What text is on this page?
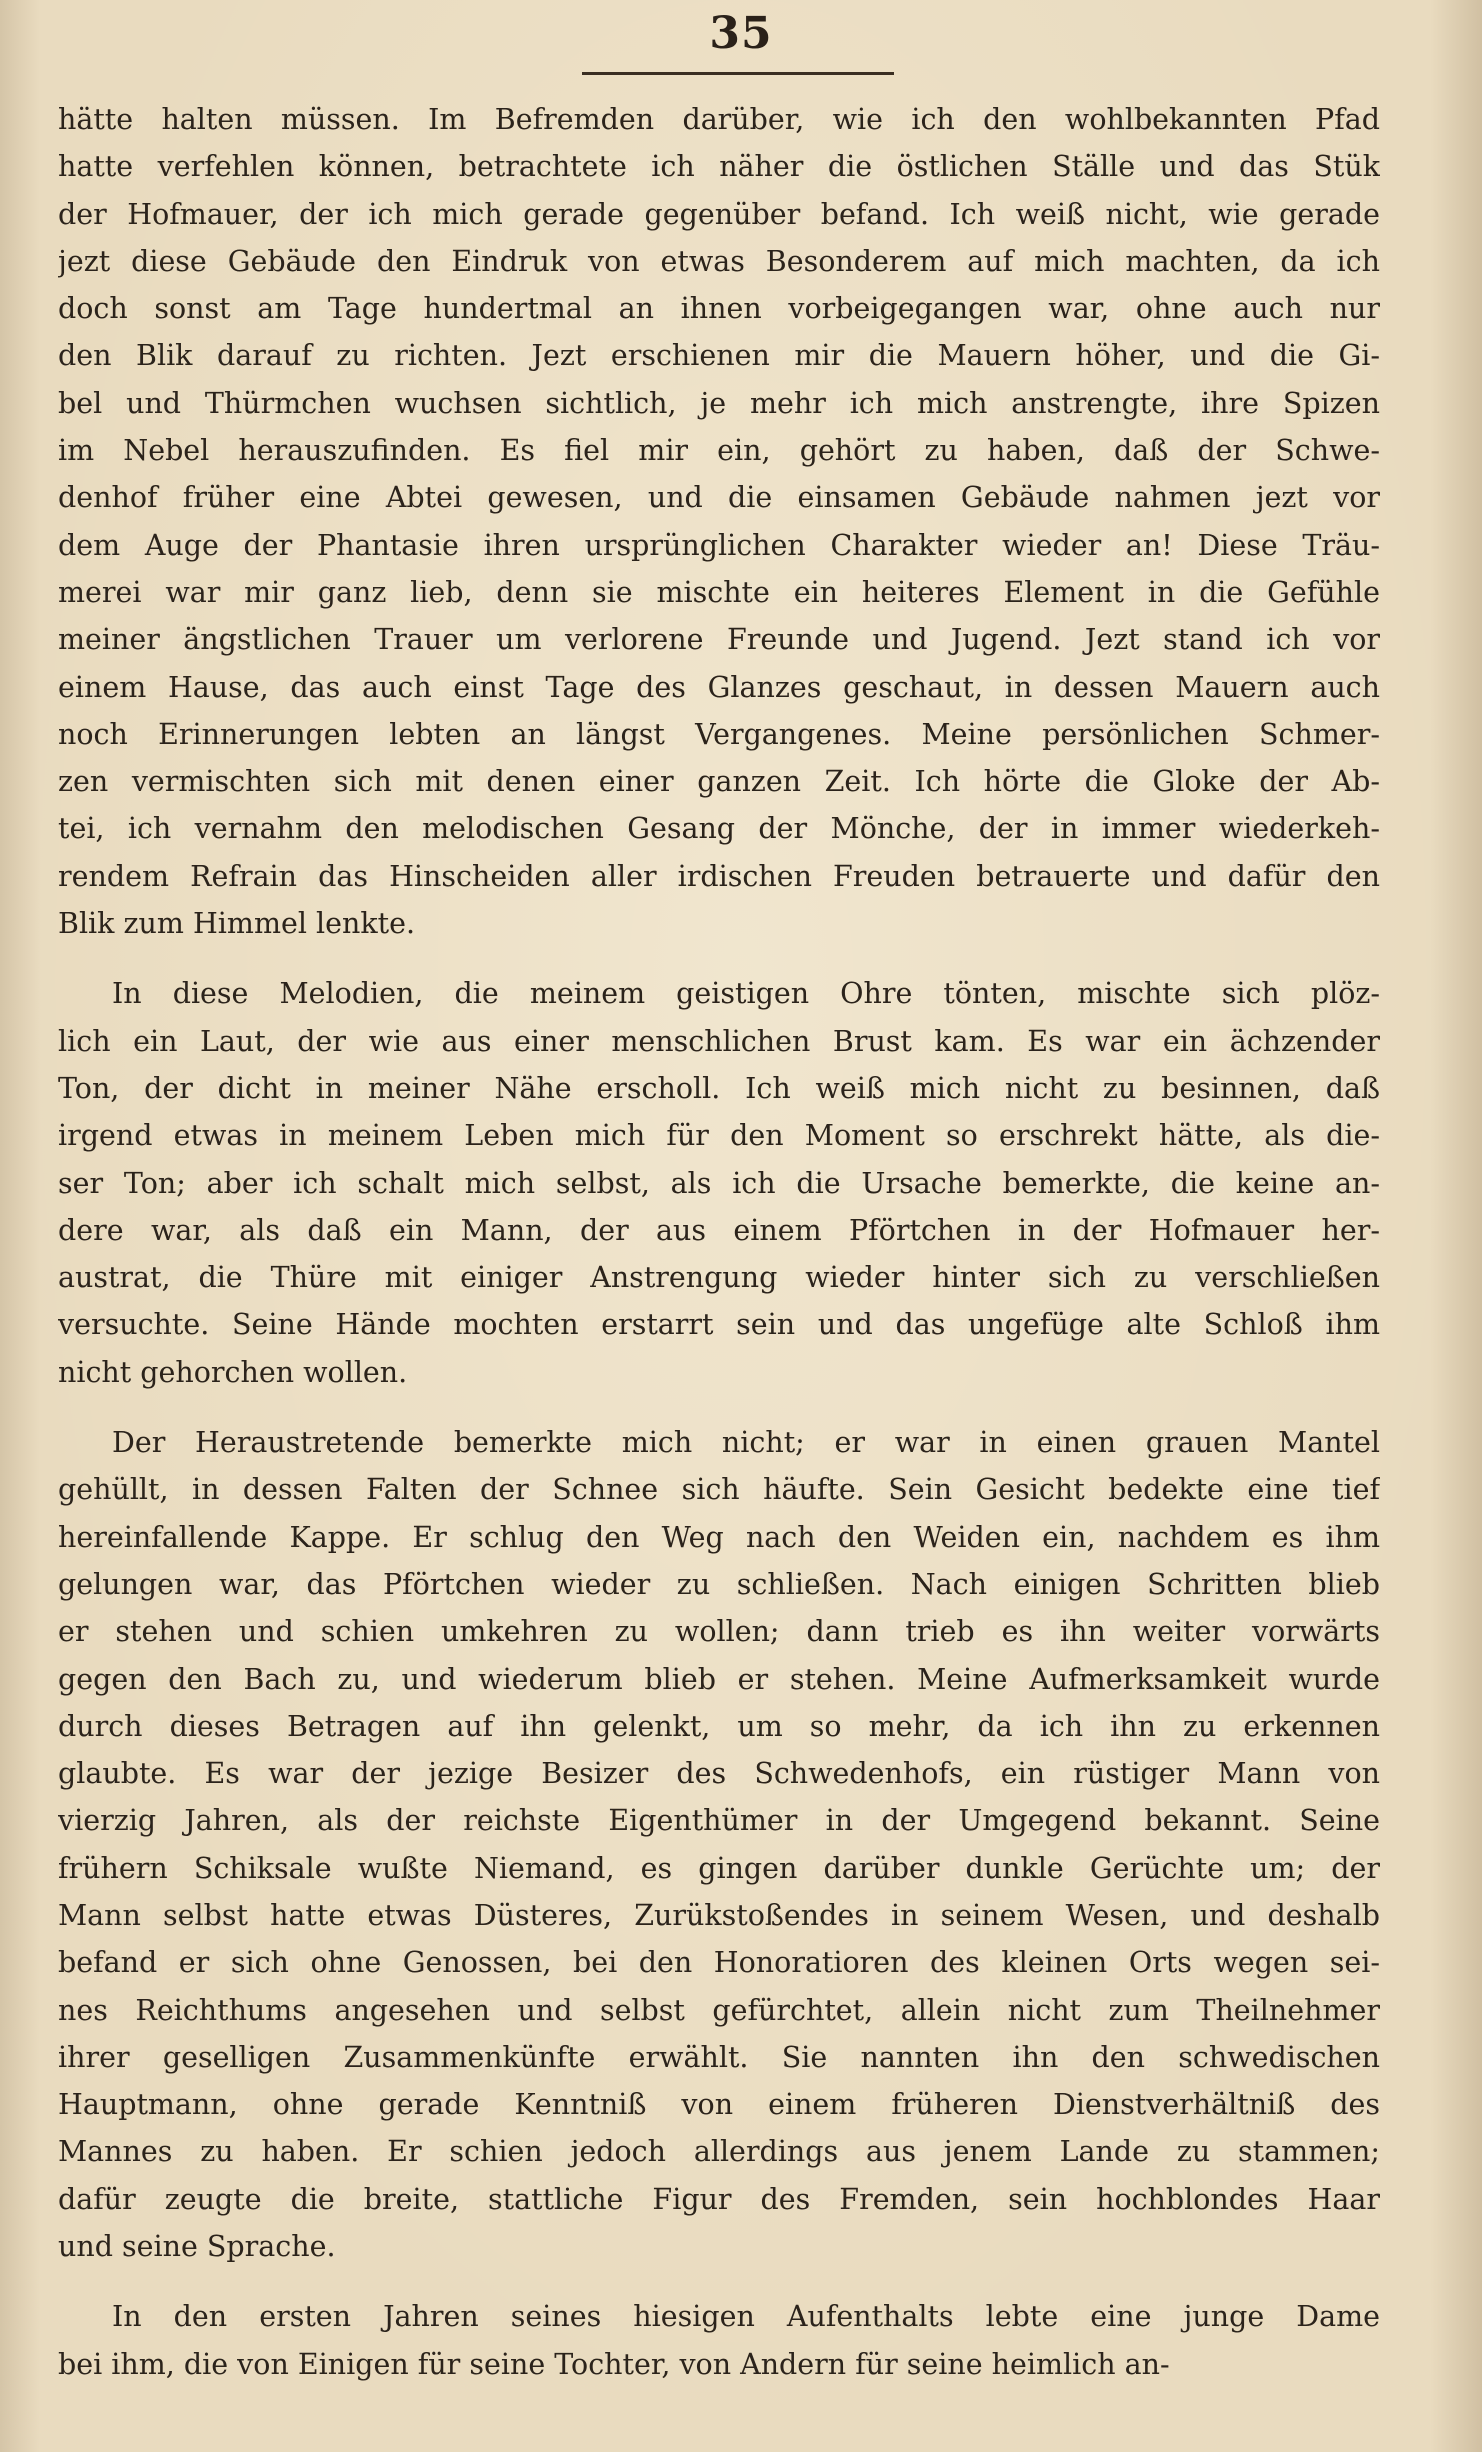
35
hätte halten müssen. Im Befremden darüber, wie ich den wohlbekannten Pfad
hatte verfehlen können, betrachtete ich näher die östlichen Ställe und das Stük
der Hofmauer, der ich mich gerade gegenüber befand. Ich weiß nicht, wie gerade
jezt diese Gebäude den Eindruk von etwas Besonderem auf mich machten, da ich
doch sonst am Tage hundertmal an ihnen vorbeigegangen war, ohne auch nur
den Blik darauf zu richten. Jezt erschienen mir die Mauern höher, und die Gi-
bel und Thürmchen wuchsen sichtlich, je mehr ich mich anstrengte, ihre Spizen
im Nebel herauszufinden. Es fiel mir ein, gehört zu haben, daß der Schwe-
denhof früher eine Abtei gewesen, und die einsamen Gebäude nahmen jezt vor
dem Auge der Phantasie ihren ursprünglichen Charakter wieder an! Diese Träu-
merei war mir ganz lieb, denn sie mischte ein heiteres Element in die Gefühle
meiner ängstlichen Trauer um verlorene Freunde und Jugend. Jezt stand ich vor
einem Hause, das auch einst Tage des Glanzes geschaut, in dessen Mauern auch
noch Erinnerungen lebten an längst Vergangenes. Meine persönlichen Schmer-
zen vermischten sich mit denen einer ganzen Zeit. Ich hörte die Gloke der Ab-
tei, ich vernahm den melodischen Gesang der Mönche, der in immer wiederkeh-
rendem Refrain das Hinscheiden aller irdischen Freuden betrauerte und dafür den
Blik zum Himmel lenkte.
In diese Melodien, die meinem geistigen Ohre tönten, mischte sich plöz-
lich ein Laut, der wie aus einer menschlichen Brust kam. Es war ein ächzender
Ton, der dicht in meiner Nähe erscholl. Ich weiß mich nicht zu besinnen, daß
irgend etwas in meinem Leben mich für den Moment so erschrekt hätte, als die-
ser Ton; aber ich schalt mich selbst, als ich die Ursache bemerkte, die keine an-
dere war, als daß ein Mann, der aus einem Pförtchen in der Hofmauer her-
austrat, die Thüre mit einiger Anstrengung wieder hinter sich zu verschließen
versuchte. Seine Hände mochten erstarrt sein und das ungefüge alte Schloß ihm
nicht gehorchen wollen.
Der Heraustretende bemerkte mich nicht; er war in einen grauen Mantel
gehüllt, in dessen Falten der Schnee sich häufte. Sein Gesicht bedekte eine tief
hereinfallende Kappe. Er schlug den Weg nach den Weiden ein, nachdem es ihm
gelungen war, das Pförtchen wieder zu schließen. Nach einigen Schritten blieb
er stehen und schien umkehren zu wollen; dann trieb es ihn weiter vorwärts
gegen den Bach zu, und wiederum blieb er stehen. Meine Aufmerksamkeit wurde
durch dieses Betragen auf ihn gelenkt, um so mehr, da ich ihn zu erkennen
glaubte. Es war der jezige Besizer des Schwedenhofs, ein rüstiger Mann von
vierzig Jahren, als der reichste Eigenthümer in der Umgegend bekannt. Seine
frühern Schiksale wußte Niemand, es gingen darüber dunkle Gerüchte um; der
Mann selbst hatte etwas Düsteres, Zurükstoßendes in seinem Wesen, und deshalb
befand er sich ohne Genossen, bei den Honoratioren des kleinen Orts wegen sei-
nes Reichthums angesehen und selbst gefürchtet, allein nicht zum Theilnehmer
ihrer geselligen Zusammenkünfte erwählt. Sie nannten ihn den schwedischen
Hauptmann, ohne gerade Kenntniß von einem früheren Dienstverhältniß des
Mannes zu haben. Er schien jedoch allerdings aus jenem Lande zu stammen;
dafür zeugte die breite, stattliche Figur des Fremden, sein hochblondes Haar
und seine Sprache.
In den ersten Jahren seines hiesigen Aufenthalts lebte eine junge Dame
bei ihm, die von Einigen für seine Tochter, von Andern für seine heimlich an-
